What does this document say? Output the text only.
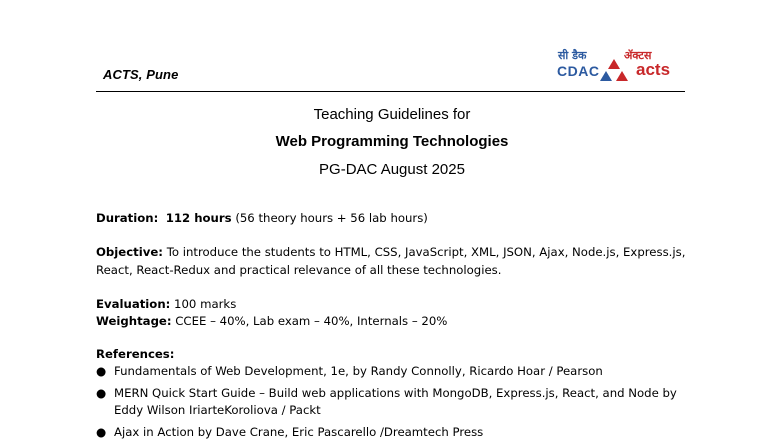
ACTS, Pune
सी डैक	ॲक्टस
CDAC acts
Teaching Guidelines for
Web Programming Technologies
PG-DAC August 2025
Duration: 112 hours (56 theory hours + 56 lab hours)
Objective: To introduce the students to HTML, CSS, JavaScript, XML, JSON, Ajax, Node.js, Express.js,
React, React-Redux and practical relevance of all these technologies.
Evaluation: 100 marks
Weightage: CCEE – 40%, Lab exam – 40%, Internals – 20%
References:
● Fundamentals of Web Development, 1e, by Randy Connolly, Ricardo Hoar / Pearson
● MERN Quick Start Guide – Build web applications with MongoDB, Express.js, React, and Node by
Eddy Wilson IriarteKoroliova / Packt
● Ajax in Action by Dave Crane, Eric Pascarello /Dreamtech Press
